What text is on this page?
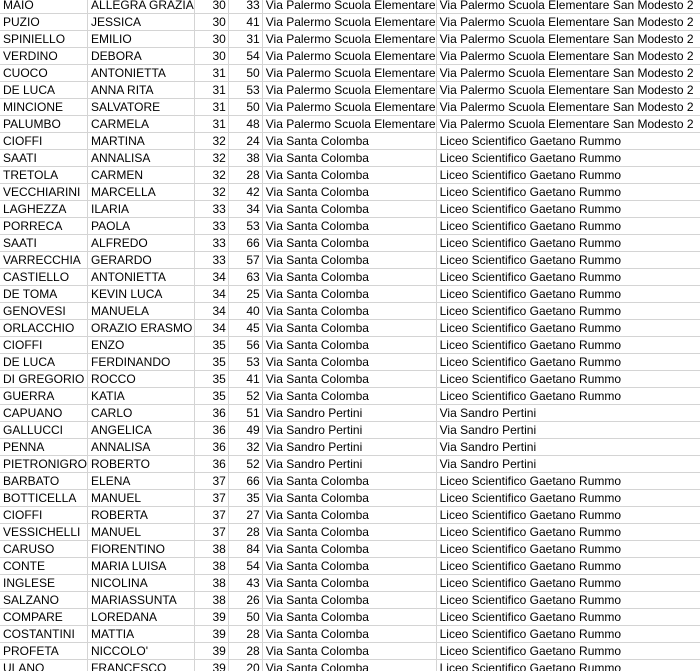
MAIO	ALLEGRA GRAZIA	30	33	Via Palermo Scuola Elementare	Via Palermo Scuola Elementare San Modesto 2
PUZIO	JESSICA	30	41	Via Palermo Scuola Elementare	Via Palermo Scuola Elementare San Modesto 2
SPINIELLO	EMILIO	30	31	Via Palermo Scuola Elementare	Via Palermo Scuola Elementare San Modesto 2
VERDINO	DEBORA	30	54	Via Palermo Scuola Elementare	Via Palermo Scuola Elementare San Modesto 2
CUOCO	ANTONIETTA	31	50	Via Palermo Scuola Elementare	Via Palermo Scuola Elementare San Modesto 2
DE LUCA	ANNA RITA	31	53	Via Palermo Scuola Elementare	Via Palermo Scuola Elementare San Modesto 2
MINCIONE	SALVATORE	31	50	Via Palermo Scuola Elementare	Via Palermo Scuola Elementare San Modesto 2
PALUMBO	CARMELA	31	48	Via Palermo Scuola Elementare	Via Palermo Scuola Elementare San Modesto 2
CIOFFI	MARTINA	32	24	Via Santa Colomba	Liceo Scientifico Gaetano Rummo
SAATI	ANNALISA	32	38	Via Santa Colomba	Liceo Scientifico Gaetano Rummo
TRETOLA	CARMEN	32	28	Via Santa Colomba	Liceo Scientifico Gaetano Rummo
VECCHIARINI	MARCELLA	32	42	Via Santa Colomba	Liceo Scientifico Gaetano Rummo
LAGHEZZA	ILARIA	33	34	Via Santa Colomba	Liceo Scientifico Gaetano Rummo
PORRECA	PAOLA	33	53	Via Santa Colomba	Liceo Scientifico Gaetano Rummo
SAATI	ALFREDO	33	66	Via Santa Colomba	Liceo Scientifico Gaetano Rummo
VARRECCHIA	GERARDO	33	57	Via Santa Colomba	Liceo Scientifico Gaetano Rummo
CASTIELLO	ANTONIETTA	34	63	Via Santa Colomba	Liceo Scientifico Gaetano Rummo
DE TOMA	KEVIN LUCA	34	25	Via Santa Colomba	Liceo Scientifico Gaetano Rummo
GENOVESI	MANUELA	34	40	Via Santa Colomba	Liceo Scientifico Gaetano Rummo
ORLACCHIO	ORAZIO ERASMO	34	45	Via Santa Colomba	Liceo Scientifico Gaetano Rummo
CIOFFI	ENZO	35	56	Via Santa Colomba	Liceo Scientifico Gaetano Rummo
DE LUCA	FERDINANDO	35	53	Via Santa Colomba	Liceo Scientifico Gaetano Rummo
DI GREGORIO	ROCCO	35	41	Via Santa Colomba	Liceo Scientifico Gaetano Rummo
GUERRA	KATIA	35	52	Via Santa Colomba	Liceo Scientifico Gaetano Rummo
CAPUANO	CARLO	36	51	Via Sandro Pertini	Via Sandro Pertini
GALLUCCI	ANGELICA	36	49	Via Sandro Pertini	Via Sandro Pertini
PENNA	ANNALISA	36	32	Via Sandro Pertini	Via Sandro Pertini
PIETRONIGRO	ROBERTO	36	52	Via Sandro Pertini	Via Sandro Pertini
BARBATO	ELENA	37	66	Via Santa Colomba	Liceo Scientifico Gaetano Rummo
BOTTICELLA	MANUEL	37	35	Via Santa Colomba	Liceo Scientifico Gaetano Rummo
CIOFFI	ROBERTA	37	27	Via Santa Colomba	Liceo Scientifico Gaetano Rummo
VESSICHELLI	MANUEL	37	28	Via Santa Colomba	Liceo Scientifico Gaetano Rummo
CARUSO	FIORENTINO	38	84	Via Santa Colomba	Liceo Scientifico Gaetano Rummo
CONTE	MARIA LUISA	38	54	Via Santa Colomba	Liceo Scientifico Gaetano Rummo
INGLESE	NICOLINA	38	43	Via Santa Colomba	Liceo Scientifico Gaetano Rummo
SALZANO	MARIASSUNTA	38	26	Via Santa Colomba	Liceo Scientifico Gaetano Rummo
COMPARE	LOREDANA	39	50	Via Santa Colomba	Liceo Scientifico Gaetano Rummo
COSTANTINI	MATTIA	39	28	Via Santa Colomba	Liceo Scientifico Gaetano Rummo
PROFETA	NICCOLO'	39	28	Via Santa Colomba	Liceo Scientifico Gaetano Rummo
ULANO	FRANCESCO	39	20	Via Santa Colomba	Liceo Scientifico Gaetano Rummo
